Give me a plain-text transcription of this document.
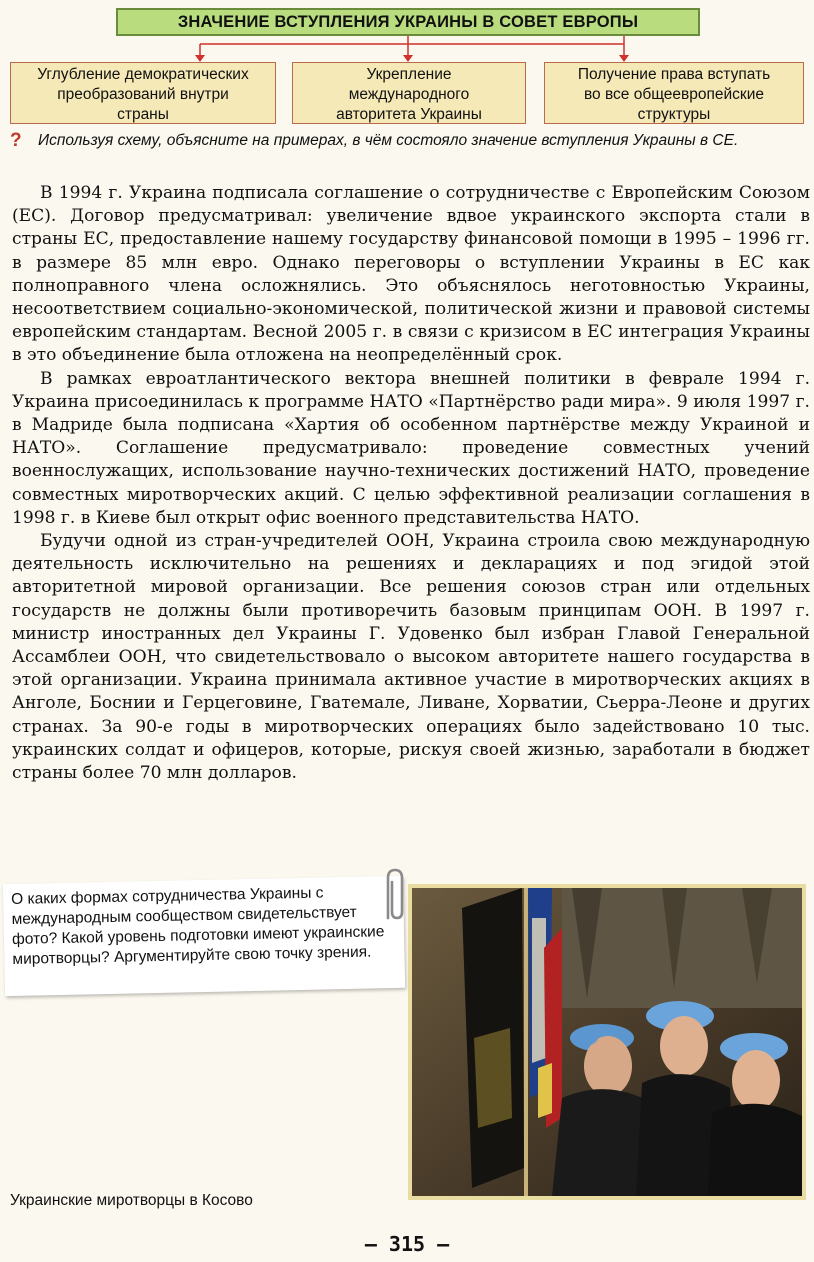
ЗНАЧЕНИЕ ВСТУПЛЕНИЯ УКРАИНЫ В СОВЕТ ЕВРОПЫ
Углубление демократических
преобразований внутри
страны
Укрепление
международного
авторитета Украины
Получение права вступать
во все общеевропейские
структуры
? Используя схему, объясните на примерах, в чём состояло значение вступления Украины в СЕ.

В 1994 г. Украина подписала соглашение о сотрудничестве с Европейским Союзом (ЕС). Договор предусматривал: увеличение вдвое украинского экспорта стали в страны ЕС, предоставление нашему государству финансовой помощи в 1995 – 1996 гг. в размере 85 млн евро. Однако переговоры о вступлении Украины в ЕС как полноправного члена осложнялись. Это объяснялось неготовностью Украины, несоответствием социально-экономической, политической жизни и правовой системы европейским стандартам. Весной 2005 г. в связи с кризисом в ЕС интеграция Украины в это объединение была отложена на неопределённый срок.

В рамках евроатлантического вектора внешней политики в феврале 1994 г. Украина присоединилась к программе НАТО «Партнёрство ради мира». 9 июля 1997 г. в Мадриде была подписана «Хартия об особенном партнёрстве между Украиной и НАТО». Соглашение предусматривало: проведение совместных учений военнослужащих, использование научно-технических достижений НАТО, проведение совместных миротворческих акций. С целью эффективной реализации соглашения в 1998 г. в Киеве был открыт офис военного представительства НАТО.

Будучи одной из стран-учредителей ООН, Украина строила свою международную деятельность исключительно на решениях и декларациях и под эгидой этой авторитетной мировой организации. Все решения союзов стран или отдельных государств не должны были противоречить базовым принципам ООН. В 1997 г. министр иностранных дел Украины Г. Удовенко был избран Главой Генеральной Ассамблеи ООН, что свидетельствовало о высоком авторитете нашего государства в этой организации. Украина принимала активное участие в миротворческих акциях в Анголе, Боснии и Герцеговине, Гватемале, Ливане, Хорватии, Сьерра-Леоне и других странах. За 90-е годы в миротворческих операциях было задействовано 10 тыс. украинских солдат и офицеров, которые, рискуя своей жизнью, заработали в бюджет страны более 70 млн долларов.

О каких формах сотрудничества Украины с международным сообществом свидетельствует фото? Какой уровень подготовки имеют украинские миротворцы? Аргументируйте свою точку зрения.
Украинские миротворцы в Косово
— 315 —
